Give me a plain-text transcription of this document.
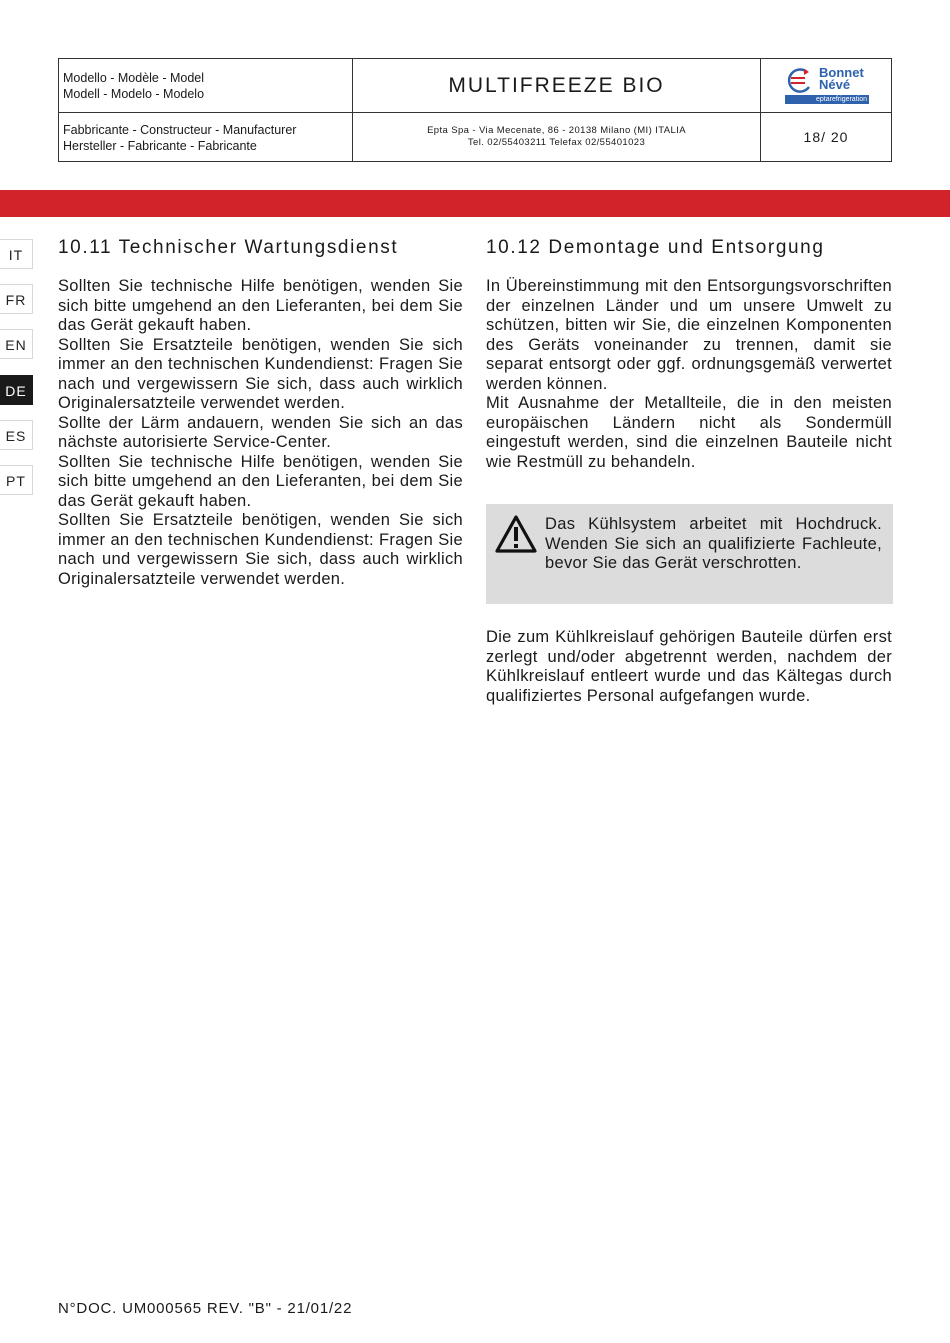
Modello - Modèle - Model
Modell - Modelo - Modelo	MULTIFREEZE BIO
Bonnet
Névé
eptarefrigeration
Fabbricante - Constructeur - Manufacturer
Hersteller - Fabricante - Fabricante
Epta Spa - Via Mecenate, 86 - 20138 Milano (MI) ITALIA
Tel. 02/55403211 Telefax 02/55401023	18/ 20
IT
FR
EN
DE
ES
PT
10.11 Technischer Wartungsdienst

Sollten Sie technische Hilfe benötigen, wenden Sie sich bitte umgehend an den Lieferanten, bei dem Sie das Gerät gekauft haben.

Sollten Sie Ersatzteile benötigen, wenden Sie sich immer an den technischen Kundendienst: Fragen Sie nach und vergewissern Sie sich, dass auch wirklich Originalersatzteile verwendet werden.

Sollte der Lärm andauern, wenden Sie sich an das nächste autorisierte Service-Center.

Sollten Sie technische Hilfe benötigen, wenden Sie sich bitte umgehend an den Lieferanten, bei dem Sie das Gerät gekauft haben.

Sollten Sie Ersatzteile benötigen, wenden Sie sich immer an den technischen Kundendienst: Fragen Sie nach und vergewissern Sie sich, dass auch wirklich Originalersatzteile verwendet werden.

10.12 Demontage und Entsorgung

In Übereinstimmung mit den Entsorgungsvorschriften der einzelnen Länder und um unsere Umwelt zu schützen, bitten wir Sie, die einzelnen Komponenten des Geräts voneinander zu trennen, damit sie separat entsorgt oder ggf. ordnungsgemäß verwertet werden können.

Mit Ausnahme der Metallteile, die in den meisten europäischen Ländern nicht als Sondermüll eingestuft werden, sind die einzelnen Bauteile nicht wie Restmüll zu behandeln.

Das Kühlsystem arbeitet mit Hochdruck. Wenden Sie sich an qualifizierte Fachleute, bevor Sie das Gerät verschrotten.
Die zum Kühlkreislauf gehörigen Bauteile dürfen erst zerlegt und/oder abgetrennt werden, nachdem der Kühlkreislauf entleert wurde und das Kältegas durch qualifiziertes Personal aufgefangen wurde.
N°DOC. UM000565 REV. "B" - 21/01/22
